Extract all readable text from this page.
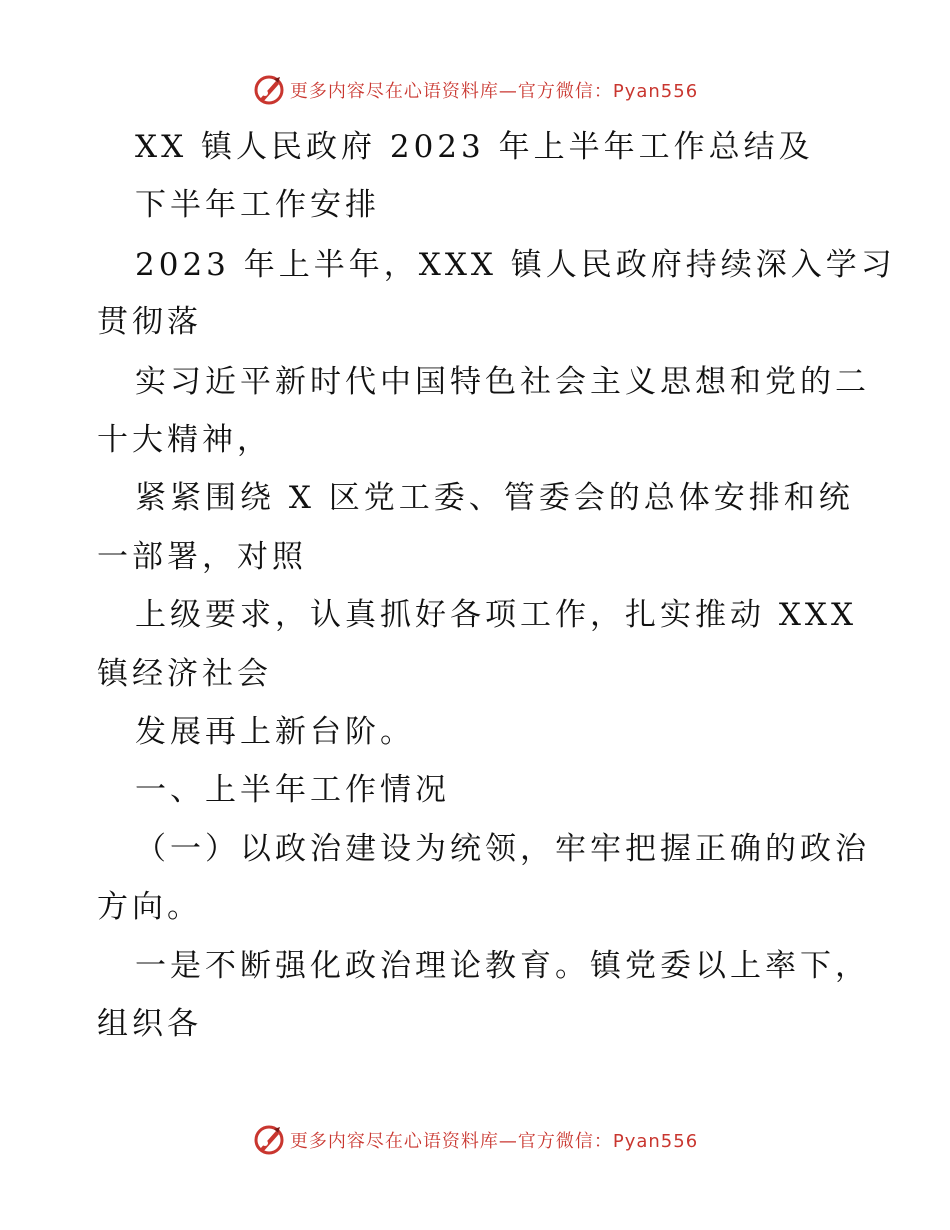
更多内容尽在心语资料库—官方微信：Pyan556
XX 镇人民政府 2023 年上半年工作总结及
下半年工作安排
2023 年上半年，XXX 镇人民政府持续深入学习
贯彻落
实习近平新时代中国特色社会主义思想和党的二
十大精神，
紧紧围绕 X 区党工委、管委会的总体安排和统
一部署，对照
上级要求，认真抓好各项工作，扎实推动 XXX
镇经济社会
发展再上新台阶。
一、上半年工作情况
（一）以政治建设为统领，牢牢把握正确的政治
方向。
一是不断强化政治理论教育。镇党委以上率下，
组织各
更多内容尽在心语资料库—官方微信：Pyan556
